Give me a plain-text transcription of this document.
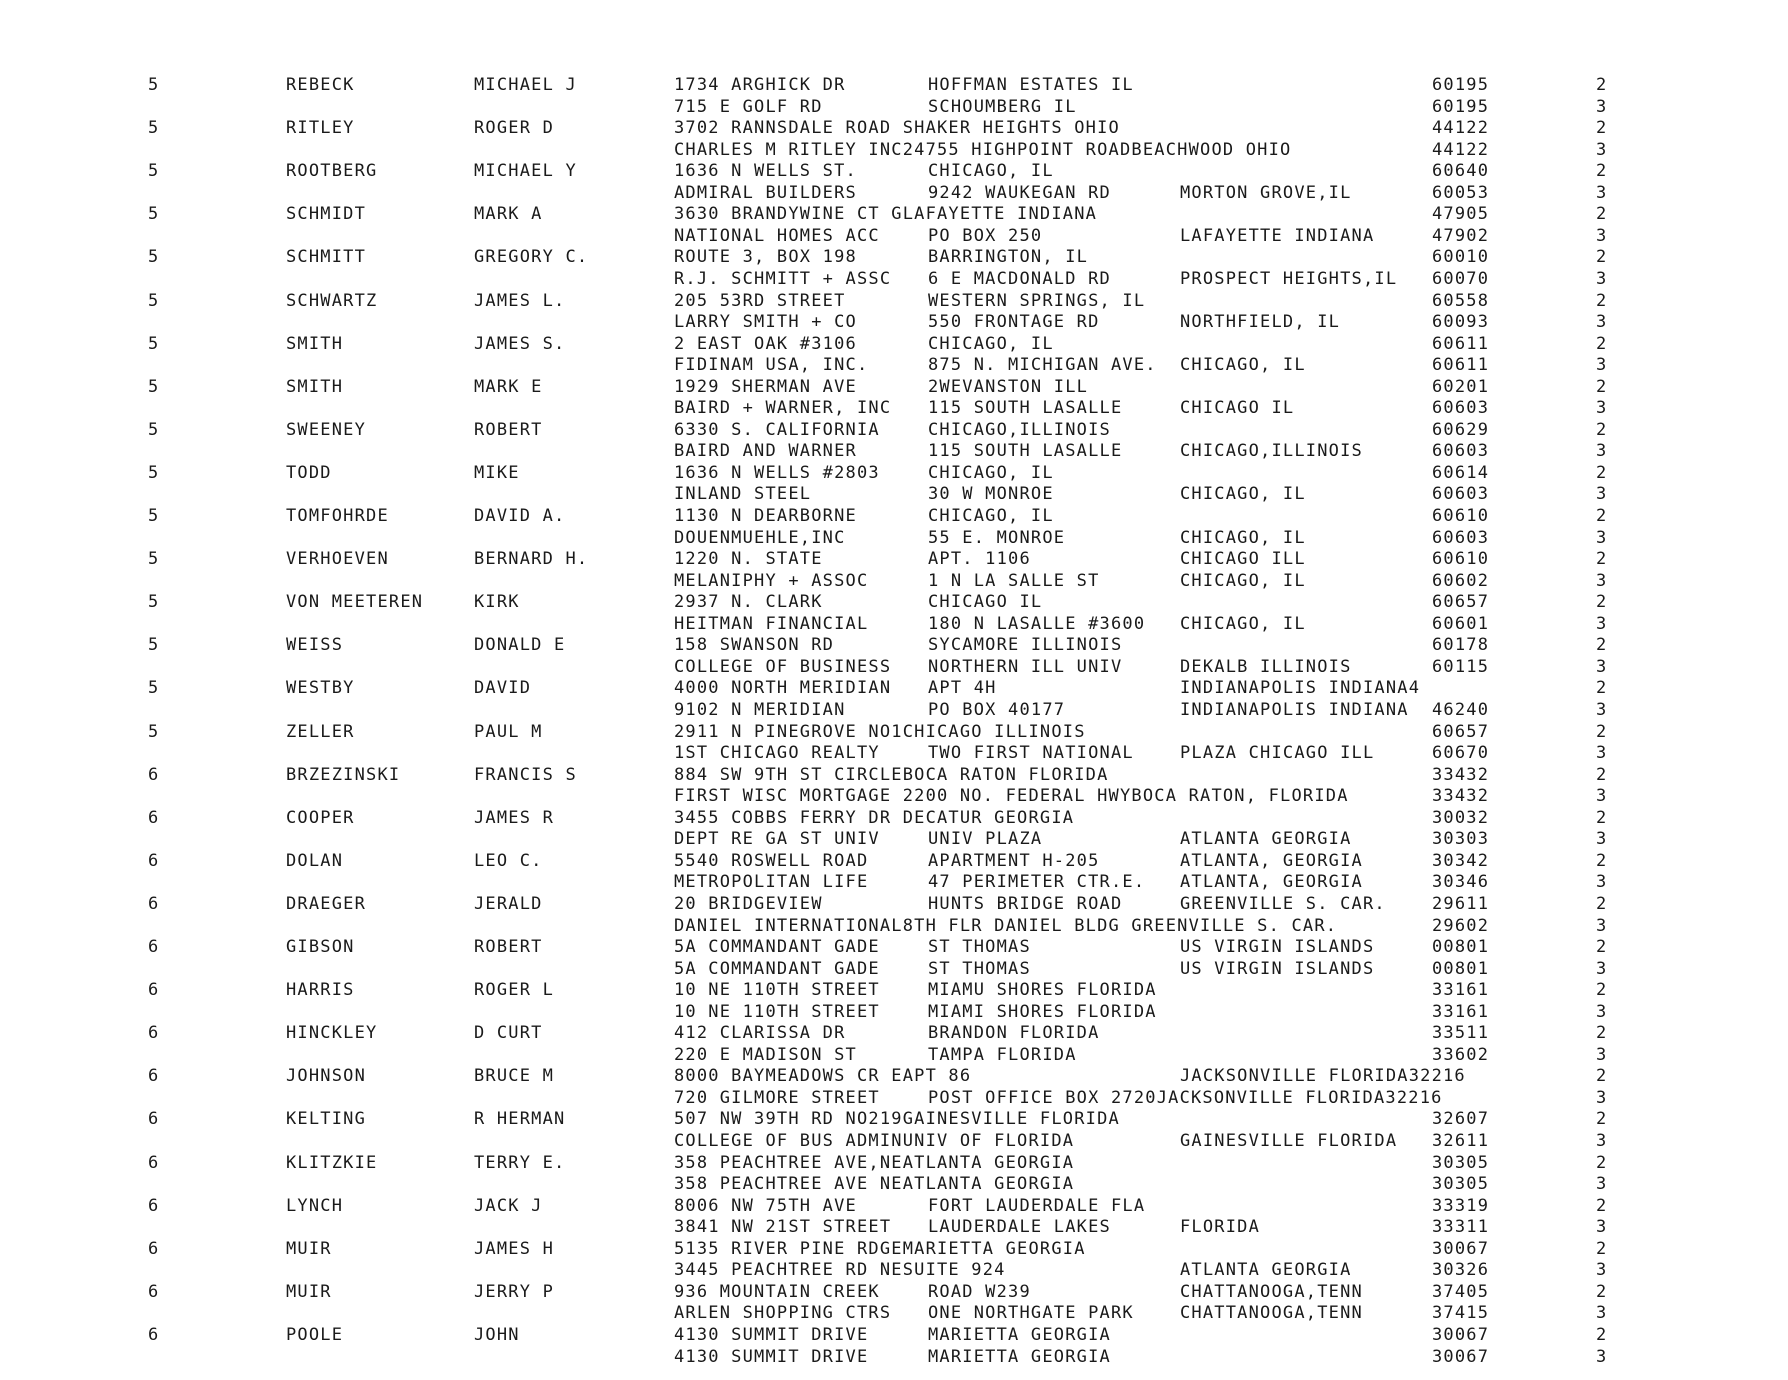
5	REBECK	MICHAEL J	1734 ARGHICK DR	HOFFMAN ESTATES IL	60195	2
715 E GOLF RD	SCHOUMBERG IL	60195	3
5	RITLEY	ROGER D	3702 RANNSDALE ROAD SHAKER HEIGHTS OHIO	44122	2
CHARLES M RITLEY INC24755 HIGHPOINT ROADBEACHWOOD OHIO	44122	3
5	ROOTBERG	MICHAEL Y	1636 N WELLS ST.	CHICAGO, IL	60640	2
ADMIRAL BUILDERS	9242 WAUKEGAN RD	MORTON GROVE,IL	60053	3
5	SCHMIDT	MARK A	3630 BRANDYWINE CT GLAFAYETTE INDIANA	47905	2
NATIONAL HOMES ACC	PO BOX 250	LAFAYETTE INDIANA	47902	3
5	SCHMITT	GREGORY C.	ROUTE 3, BOX 198	BARRINGTON, IL	60010	2
R.J. SCHMITT + ASSC 6 E MACDONALD RD	PROSPECT HEIGHTS,IL 60070	3
5	SCHWARTZ	JAMES L.	205 53RD STREET	WESTERN SPRINGS, IL	60558	2
LARRY SMITH + CO	550 FRONTAGE RD	NORTHFIELD, IL	60093	3
5	SMITH	JAMES S.	2 EAST OAK #3106	CHICAGO, IL	60611	2
FIDINAM USA, INC.	875 N. MICHIGAN AVE. CHICAGO, IL	60611	3
5	SMITH	MARK E	1929 SHERMAN AVE	2WEVANSTON ILL	60201	2
BAIRD + WARNER, INC 115 SOUTH LASALLE	CHICAGO IL	60603	3
5	SWEENEY	ROBERT	6330 S. CALIFORNIA	CHICAGO,ILLINOIS	60629	2
BAIRD AND WARNER	115 SOUTH LASALLE	CHICAGO,ILLINOIS	60603	3
5	TODD	MIKE	1636 N WELLS #2803	CHICAGO, IL	60614	2
INLAND STEEL	30 W MONROE	CHICAGO, IL	60603	3
5	TOMFOHRDE	DAVID A.	1130 N DEARBORNE	CHICAGO, IL	60610	2
DOUENMUEHLE,INC	55 E. MONROE	CHICAGO, IL	60603	3
5	VERHOEVEN	BERNARD H.	1220 N. STATE	APT. 1106	CHICAGO ILL	60610	2
MELANIPHY + ASSOC	1 N LA SALLE ST	CHICAGO, IL	60602	3
5	VON MEETEREN	KIRK	2937 N. CLARK	CHICAGO IL	60657	2
HEITMAN FINANCIAL	180 N LASALLE #3600 CHICAGO, IL	60601	3
5	WEISS	DONALD E	158 SWANSON RD	SYCAMORE ILLINOIS	60178	2
COLLEGE OF BUSINESS NORTHERN ILL UNIV	DEKALB ILLINOIS	60115	3
5	WESTBY	DAVID	4000 NORTH MERIDIAN APT 4H	INDIANAPOLIS INDIANA4	2
9102 N MERIDIAN	PO BOX 40177	INDIANAPOLIS INDIANA 46240	3
5	ZELLER	PAUL M	2911 N PINEGROVE NO1CHICAGO ILLINOIS	60657	2
1ST CHICAGO REALTY	TWO FIRST NATIONAL	PLAZA CHICAGO ILL	60670	3
6	BRZEZINSKI	FRANCIS S	884 SW 9TH ST CIRCLEBOCA RATON FLORIDA	33432	2
FIRST WISC MORTGAGE 2200 NO. FEDERAL HWYBOCA RATON, FLORIDA	33432	3
6	COOPER	JAMES R	3455 COBBS FERRY DR DECATUR GEORGIA	30032	2
DEPT RE GA ST UNIV	UNIV PLAZA	ATLANTA GEORGIA	30303	3
6	DOLAN	LEO C.	5540 ROSWELL ROAD	APARTMENT H-205	ATLANTA, GEORGIA	30342	2
METROPOLITAN LIFE	47 PERIMETER CTR.E. ATLANTA, GEORGIA	30346	3
6	DRAEGER	JERALD	20 BRIDGEVIEW	HUNTS BRIDGE ROAD	GREENVILLE S. CAR.	29611	2
DANIEL INTERNATIONAL8TH FLR DANIEL BLDG GREENVILLE S. CAR.	29602	3
6	GIBSON	ROBERT	5A COMMANDANT GADE	ST THOMAS	US VIRGIN ISLANDS	00801	2
5A COMMANDANT GADE	ST THOMAS	US VIRGIN ISLANDS	00801	3
6	HARRIS	ROGER L	10 NE 110TH STREET	MIAMU SHORES FLORIDA	33161	2
10 NE 110TH STREET	MIAMI SHORES FLORIDA	33161	3
6	HINCKLEY	D CURT	412 CLARISSA DR	BRANDON FLORIDA	33511	2
220 E MADISON ST	TAMPA FLORIDA	33602	3
6	JOHNSON	BRUCE M	8000 BAYMEADOWS CR EAPT 86	JACKSONVILLE FLORIDA32216	2
720 GILMORE STREET	POST OFFICE BOX 2720JACKSONVILLE FLORIDA32216	3
6	KELTING	R HERMAN	507 NW 39TH RD NO219GAINESVILLE FLORIDA	32607	2
COLLEGE OF BUS ADMINUNIV OF FLORIDA	GAINESVILLE FLORIDA 32611	3
6	KLITZKIE	TERRY E.	358 PEACHTREE AVE,NEATLANTA GEORGIA	30305	2
358 PEACHTREE AVE NEATLANTA GEORGIA	30305	3
6	LYNCH	JACK J	8006 NW 75TH AVE	FORT LAUDERDALE FLA	33319	2
3841 NW 21ST STREET LAUDERDALE LAKES	FLORIDA	33311	3
6	MUIR	JAMES H	5135 RIVER PINE RDGEMARIETTA GEORGIA	30067	2
3445 PEACHTREE RD NESUITE 924	ATLANTA GEORGIA	30326	3
6	MUIR	JERRY P	936 MOUNTAIN CREEK	ROAD W239	CHATTANOOGA,TENN	37405	2
ARLEN SHOPPING CTRS ONE NORTHGATE PARK	CHATTANOOGA,TENN	37415	3
6	POOLE	JOHN	4130 SUMMIT DRIVE	MARIETTA GEORGIA	30067	2
4130 SUMMIT DRIVE	MARIETTA GEORGIA	30067	3
